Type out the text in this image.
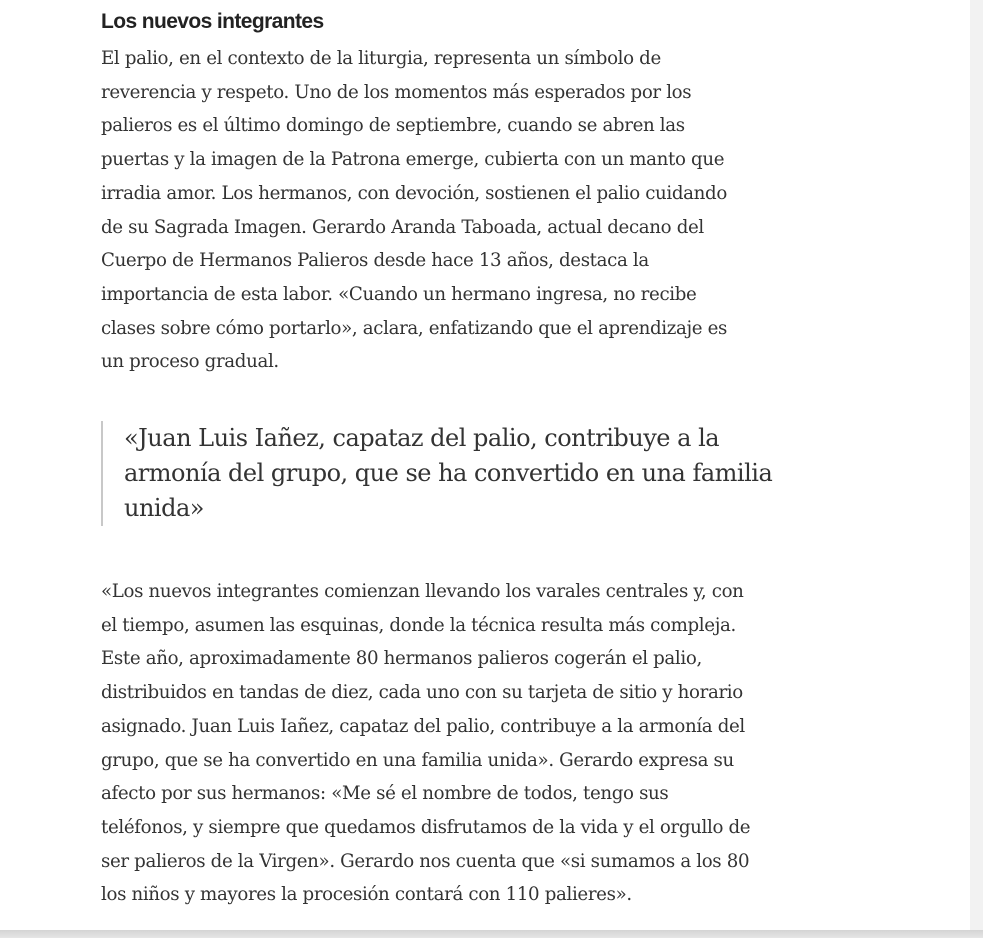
Los nuevos integrantes

El palio, en el contexto de la liturgia, representa un símbolo de
reverencia y respeto. Uno de los momentos más esperados por los
palieros es el último domingo de septiembre, cuando se abren las
puertas y la imagen de la Patrona emerge, cubierta con un manto que
irradia amor. Los hermanos, con devoción, sostienen el palio cuidando
de su Sagrada Imagen. Gerardo Aranda Taboada, actual decano del
Cuerpo de Hermanos Palieros desde hace 13 años, destaca la
importancia de esta labor. «Cuando un hermano ingresa, no recibe
clases sobre cómo portarlo», aclara, enfatizando que el aprendizaje es
un proceso gradual.

«Juan Luis Iañez, capataz del palio, contribuye a la
armonía del grupo, que se ha convertido en una familia
unida»

«Los nuevos integrantes comienzan llevando los varales centrales y, con
el tiempo, asumen las esquinas, donde la técnica resulta más compleja.
Este año, aproximadamente 80 hermanos palieros cogerán el palio,
distribuidos en tandas de diez, cada uno con su tarjeta de sitio y horario
asignado. Juan Luis Iañez, capataz del palio, contribuye a la armonía del
grupo, que se ha convertido en una familia unida». Gerardo expresa su
afecto por sus hermanos: «Me sé el nombre de todos, tengo sus
teléfonos, y siempre que quedamos disfrutamos de la vida y el orgullo de
ser palieros de la Virgen». Gerardo nos cuenta que «si sumamos a los 80
los niños y mayores la procesión contará con 110 palieres».
